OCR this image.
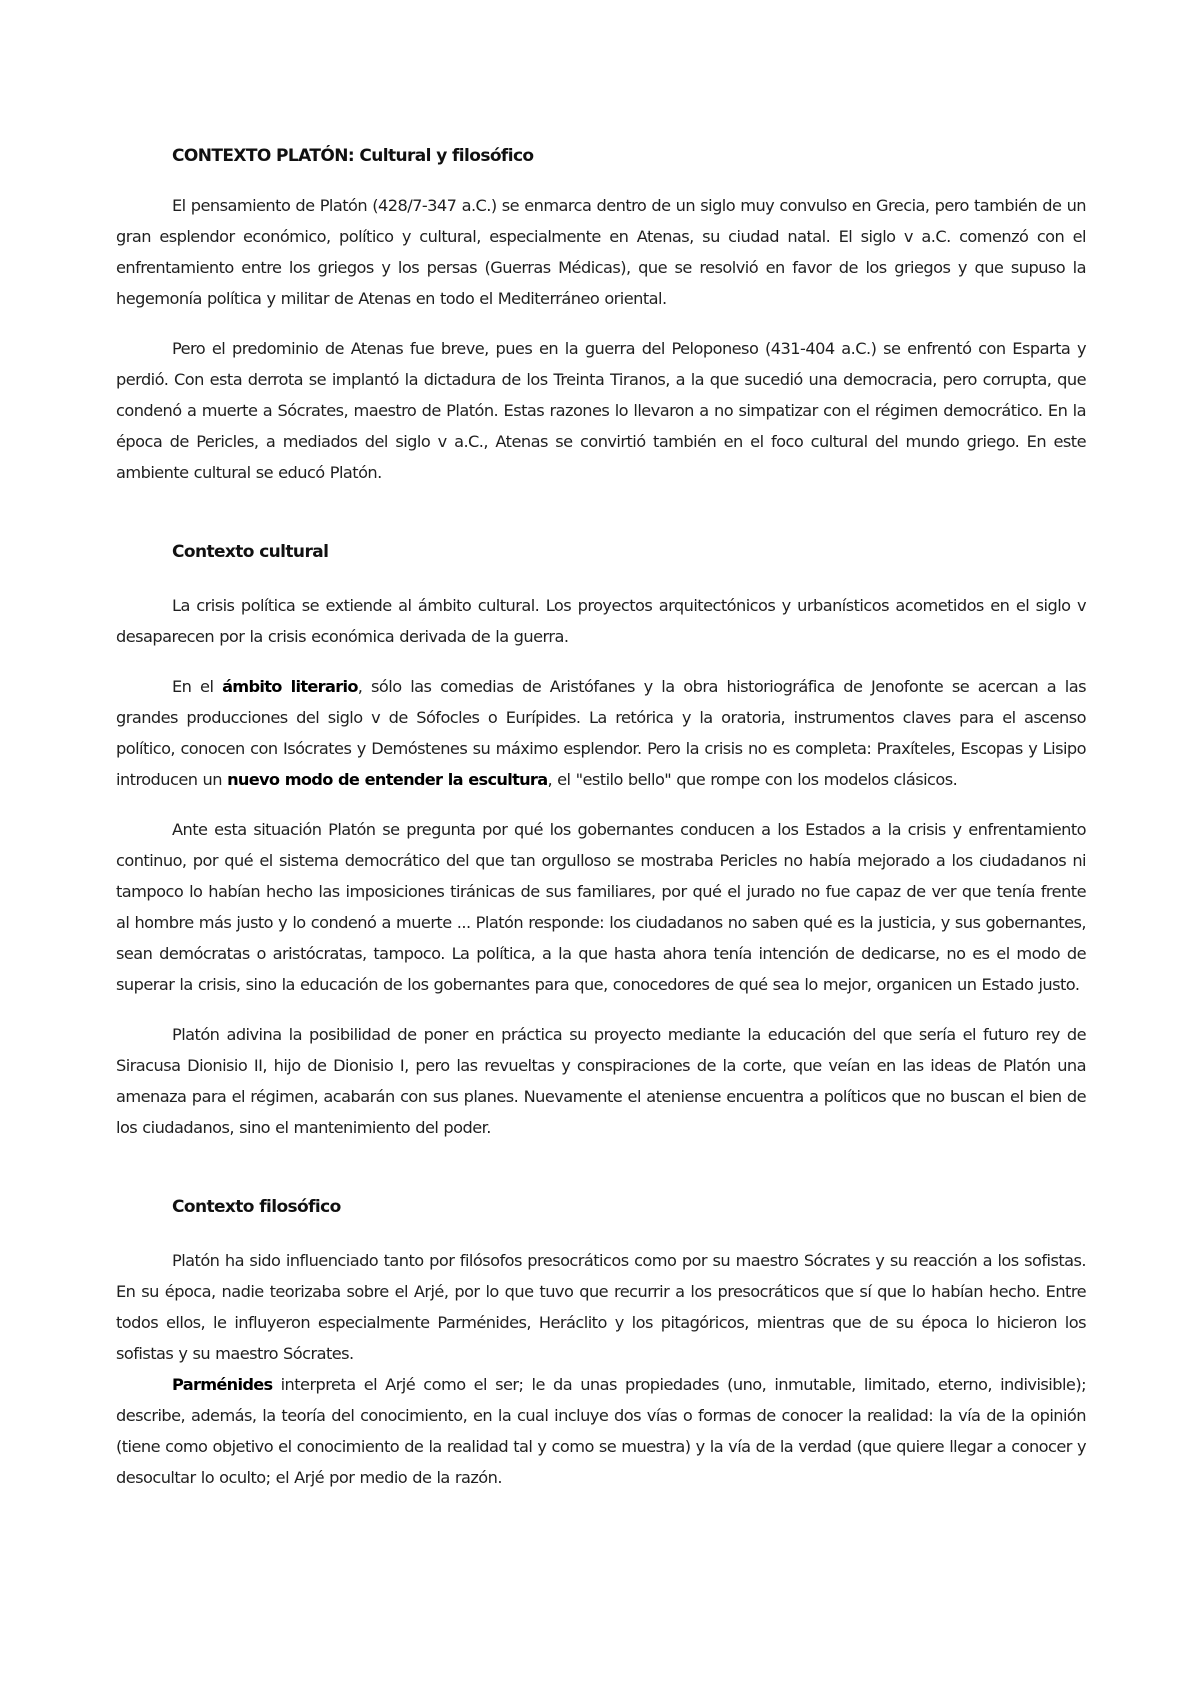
CONTEXTO PLATÓN: Cultural y filosófico

El pensamiento de Platón (428/7-347 a.C.) se enmarca dentro de un siglo muy convulso en Grecia, pero también de un gran esplendor económico, político y cultural, especialmente en Atenas, su ciudad natal. El siglo v a.C. comenzó con el enfrentamiento entre los griegos y los persas (Guerras Médicas), que se resolvió en favor de los griegos y que supuso la hegemonía política y militar de Atenas en todo el Mediterráneo oriental.

Pero el predominio de Atenas fue breve, pues en la guerra del Peloponeso (431-404 a.C.) se enfrentó con Esparta y perdió. Con esta derrota se implantó la dictadura de los Treinta Tiranos, a la que sucedió una democracia, pero corrupta, que condenó a muerte a Sócrates, maestro de Platón. Estas razones lo llevaron a no simpatizar con el régimen democrático. En la época de Pericles, a mediados del siglo v a.C., Atenas se convirtió también en el foco cultural del mundo griego. En este ambiente cultural se educó Platón.

Contexto cultural

La crisis política se extiende al ámbito cultural. Los proyectos arquitectónicos y urbanísticos acometidos en el siglo v desaparecen por la crisis económica derivada de la guerra.

En el ámbito literario, sólo las comedias de Aristófanes y la obra historiográfica de Jenofonte se acercan a las grandes producciones del siglo v de Sófocles o Eurípides. La retórica y la oratoria, instrumentos claves para el ascenso político, conocen con Isócrates y Demóstenes su máximo esplendor. Pero la crisis no es completa: Praxíteles, Escopas y Lisipo introducen un nuevo modo de entender la escultura, el "estilo bello" que rompe con los modelos clásicos.

Ante esta situación Platón se pregunta por qué los gobernantes conducen a los Estados a la crisis y enfrentamiento continuo, por qué el sistema democrático del que tan orgulloso se mostraba Pericles no había mejorado a los ciudadanos ni tampoco lo habían hecho las imposiciones tiránicas de sus familiares, por qué el jurado no fue capaz de ver que tenía frente al hombre más justo y lo condenó a muerte ... Platón responde: los ciudadanos no saben qué es la justicia, y sus gobernantes, sean demócratas o aristócratas, tampoco. La política, a la que hasta ahora tenía intención de dedicarse, no es el modo de superar la crisis, sino la educación de los gobernantes para que, conocedores de qué sea lo mejor, organicen un Estado justo.

Platón adivina la posibilidad de poner en práctica su proyecto mediante la educación del que sería el futuro rey de Siracusa Dionisio II, hijo de Dionisio I, pero las revueltas y conspiraciones de la corte, que veían en las ideas de Platón una amenaza para el régimen, acabarán con sus planes. Nuevamente el ateniense encuentra a políticos que no buscan el bien de los ciudadanos, sino el mantenimiento del poder.

Contexto filosófico

Platón ha sido influenciado tanto por filósofos presocráticos como por su maestro Sócrates y su reacción a los sofistas. En su época, nadie teorizaba sobre el Arjé, por lo que tuvo que recurrir a los presocráticos que sí que lo habían hecho. Entre todos ellos, le influyeron especialmente Parménides, Heráclito y los pitagóricos, mientras que de su época lo hicieron los sofistas y su maestro Sócrates.

Parménides interpreta el Arjé como el ser; le da unas propiedades (uno, inmutable, limitado, eterno, indivisible); describe, además, la teoría del conocimiento, en la cual incluye dos vías o formas de conocer la realidad: la vía de la opinión (tiene como objetivo el conocimiento de la realidad tal y como se muestra) y la vía de la verdad (que quiere llegar a conocer y desocultar lo oculto; el Arjé por medio de la razón.
